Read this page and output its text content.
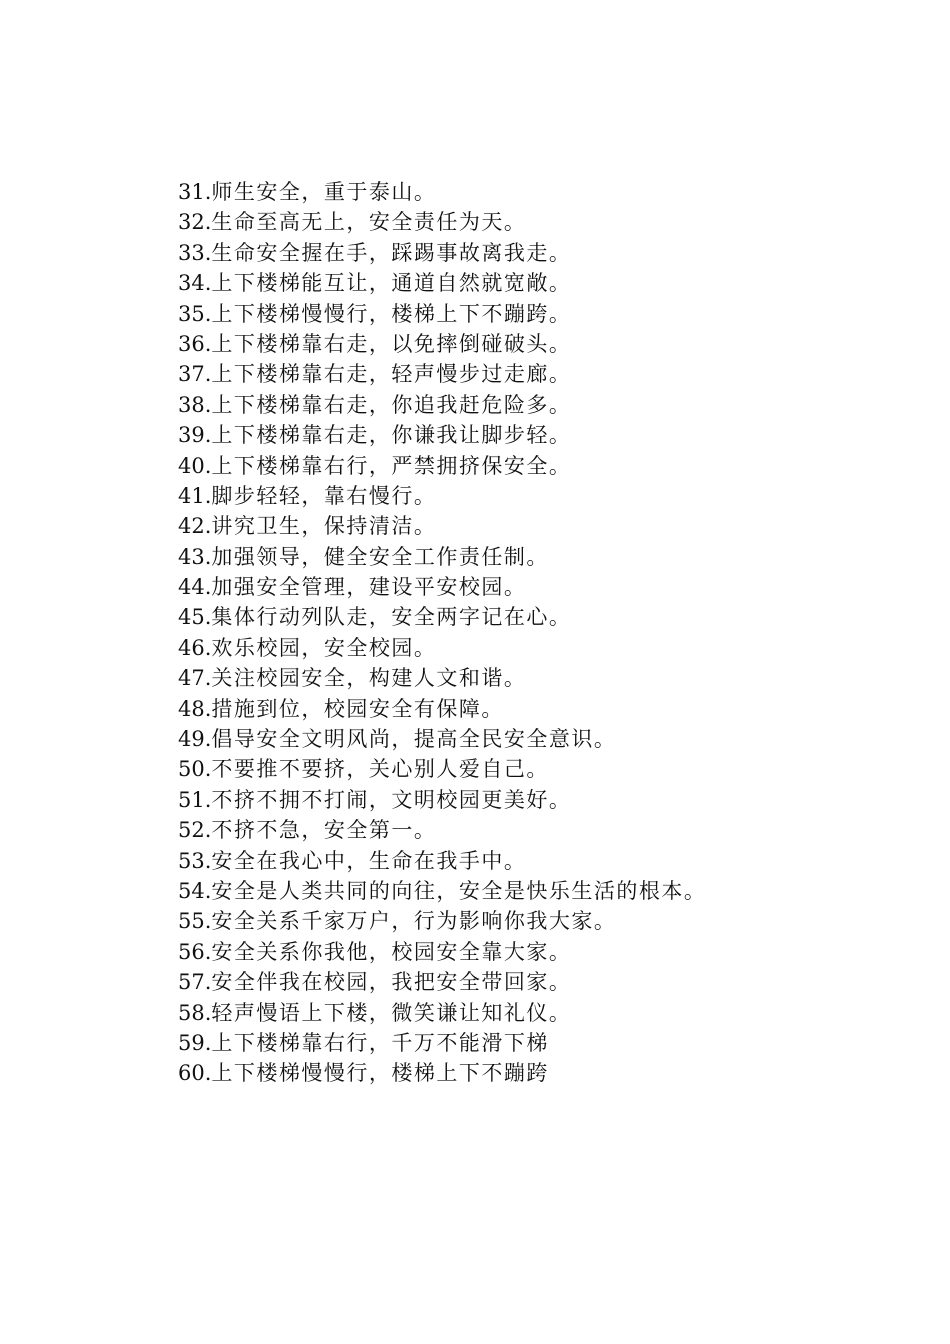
31.师生安全，重于泰山。
32.生命至高无上，安全责任为天。
33.生命安全握在手，踩踢事故离我走。
34.上下楼梯能互让，通道自然就宽敞。
35.上下楼梯慢慢行，楼梯上下不蹦跨。
36.上下楼梯靠右走，以免摔倒碰破头。
37.上下楼梯靠右走，轻声慢步过走廊。
38.上下楼梯靠右走，你追我赶危险多。
39.上下楼梯靠右走，你谦我让脚步轻。
40.上下楼梯靠右行，严禁拥挤保安全。
41.脚步轻轻，靠右慢行。
42.讲究卫生，保持清洁。
43.加强领导，健全安全工作责任制。
44.加强安全管理，建设平安校园。
45.集体行动列队走，安全两字记在心。
46.欢乐校园，安全校园。
47.关注校园安全，构建人文和谐。
48.措施到位，校园安全有保障。
49.倡导安全文明风尚，提高全民安全意识。
50.不要推不要挤，关心别人爱自己。
51.不挤不拥不打闹，文明校园更美好。
52.不挤不急，安全第一。
53.安全在我心中，生命在我手中。
54.安全是人类共同的向往，安全是快乐生活的根本。
55.安全关系千家万户，行为影响你我大家。
56.安全关系你我他，校园安全靠大家。
57.安全伴我在校园，我把安全带回家。
58.轻声慢语上下楼，微笑谦让知礼仪。
59.上下楼梯靠右行，千万不能滑下梯
60.上下楼梯慢慢行，楼梯上下不蹦跨
